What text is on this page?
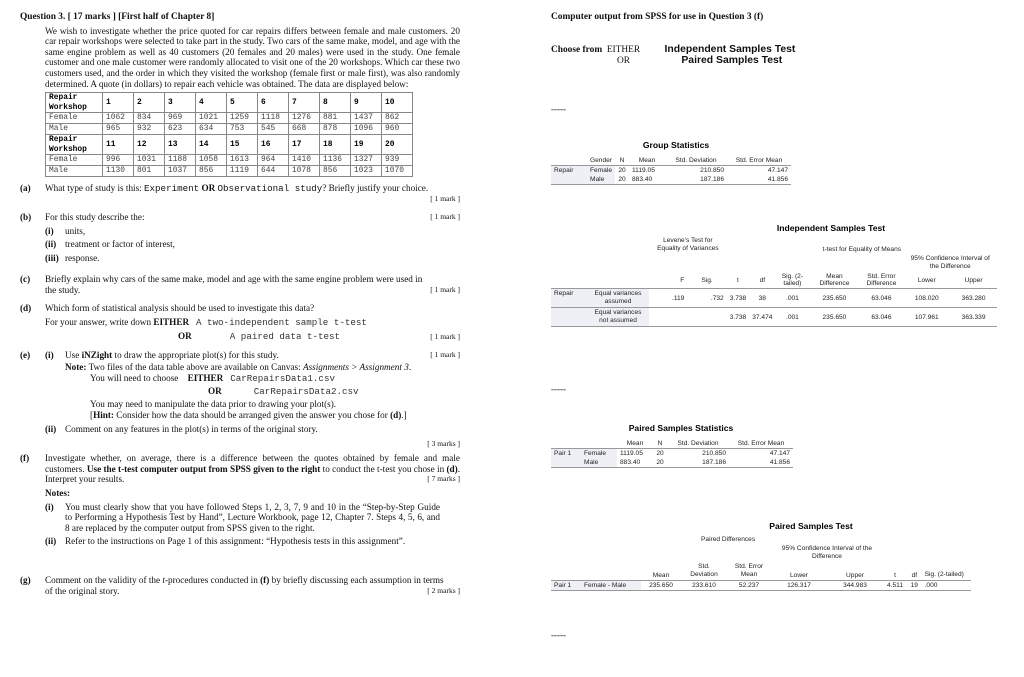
Question 3. [ 17 marks ] [First half of Chapter 8]
We wish to investigate whether the price quoted for car repairs differs between female and male customers. 20 car repair workshops were selected to take part in the study. Two cars of the same make, model, and age with the same engine problem as well as 40 customers (20 females and 20 males) were used in the study. One female customer and one male customer were randomly allocated to visit one of the 20 workshops. Which car these two customers used, and the order in which they visited the workshop (female first or male first), was also randomly determined. A quote (in dollars) to repair each vehicle was obtained. The data are displayed below:
Repair Workshop	1	2	3	4	5	6	7	8	9	10
Female	1062	834	969	1021	1259	1118	1276	881	1437	862
Male	965	932	623	634	753	545	668	878	1096	960
Repair Workshop	11	12	13	14	15	16	17	18	19	20
Female	996	1031	1188	1058	1613	964	1410	1136	1327	939
Male	1130	801	1037	856	1119	644	1078	856	1023	1070
(a) What type of study is this: Experiment OR Observational study? Briefly justify your choice.
[ 1 mark ]
(b) For this study describe the:	[ 1 mark ]
(i) units,
(ii) treatment or factor of interest,
(iii) response.
(c) Briefly explain why cars of the same make, model and age with the same engine problem were used in the study.	[ 1 mark ]
(d) Which form of statistical analysis should be used to investigate this data?
For your answer, write down EITHER A two-independent sample t-test
OR	A paired data t-test	[ 1 mark ]
(e) (i) Use iNZight to draw the appropriate plot(s) for this study.	[ 1 mark ]
Note: Two files of the data table above are available on Canvas: Assignments > Assignment 3.
You will need to choose EITHER CarRepairsData1.csv
OR	CarRepairsData2.csv
You may need to manipulate the data prior to drawing your plot(s).
[Hint: Consider how the data should be arranged given the answer you chose for (d).]
(ii) Comment on any features in the plot(s) in terms of the original story.
[ 3 marks ]
(f) Investigate whether, on average, there is a difference between the quotes obtained by female and male customers. Use the t-test computer output from SPSS given to the right to conduct the t-test you chose in (d). Interpret your results.	[ 7 marks ]
Notes:
(i) You must clearly show that you have followed Steps 1, 2, 3, 7, 9 and 10 in the “Step-by-Step Guide to Performing a Hypothesis Test by Hand”, Lecture Workbook, page 12, Chapter 7. Steps 4, 5, 6, and 8 are replaced by the computer output from SPSS given to the right.
(ii) Refer to the instructions on Page 1 of this assignment: “Hypothesis tests in this assignment”.
(g) Comment on the validity of the t-procedures conducted in (f) by briefly discussing each assumption in terms of the original story.	[ 2 marks ]
Computer output from SPSS for use in Question 3 (f)
Choose from EITHER Independent Samples Test
OR	Paired Samples Test
-----
Group Statistics
	Gender	N	Mean	Std. Deviation	Std. Error Mean
Repair	Female	20	1119.05	210.850	47.147
	Male	20	883.40	187.186	41.856
Independent Samples Test
		Levene's Test for Equality of Variances		t-test for Equality of Means						
									95% Confidence Interval of the Difference	
		F	Sig.	t	df	Sig. (2-tailed)	Mean Difference	Std. Error Difference	Lower	Upper
Repair	Equal variances assumed	.119	.732	3.738	38	.001	235.650	63.046	108.020	363.280
	Equal variances not assumed			3.738	37.474	.001	235.650	63.046	107.961	363.339
-----
Paired Samples Statistics
		Mean	N	Std. Deviation	Std. Error Mean
Pair 1	Female	1119.05	20	210.850	47.147
	Male	883.40	20	187.186	41.856
Paired Samples Test
		Paired Differences							
					95% Confidence Interval of the Difference				
		Mean	Std. Deviation	Std. Error Mean	Lower	Upper	t	df	Sig. (2-tailed)
Pair 1	Female - Male	235.650	233.610	52.237	126.317	344.983	4.511	19	.000
-----
